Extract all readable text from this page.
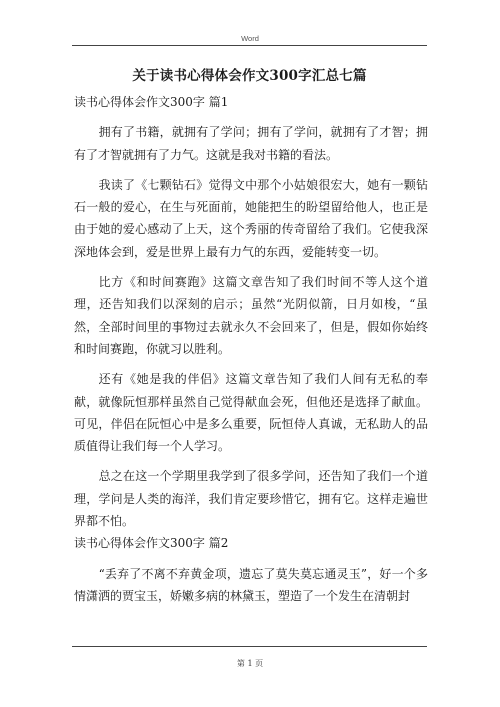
Word
关于读书心得体会作文300字汇总七篇
读书心得体会作文300字 篇1

拥有了书籍，就拥有了学问；拥有了学问，就拥有了才智；拥有了才智就拥有了力气。这就是我对书籍的看法。

我读了《七颗钻石》觉得文中那个小姑娘很宏大，她有一颗钻石一般的爱心，在生与死面前，她能把生的盼望留给他人，也正是由于她的爱心感动了上天，这个秀丽的传奇留给了我们。它使我深深地体会到，爱是世界上最有力气的东西，爱能转变一切。

比方《和时间赛跑》这篇文章告知了我们时间不等人这个道理，还告知我们以深刻的启示；虽然“光阴似箭，日月如梭，“虽然，全部时间里的事物过去就永久不会回来了，但是，假如你始终和时间赛跑，你就习以胜利。

还有《她是我的伴侣》这篇文章告知了我们人间有无私的奉献，就像阮恒那样虽然自己觉得献血会死，但他还是选择了献血。可见，伴侣在阮恒心中是多么重要，阮恒侍人真诚，无私助人的品质值得让我们每一个人学习。

总之在这一个学期里我学到了很多学问，还告知了我们一个道理，学问是人类的海洋，我们肯定要珍惜它，拥有它。这样走遍世界都不怕。

读书心得体会作文300字 篇2

“丢弃了不离不弃黄金项，遗忘了莫失莫忘通灵玉”，好一个多情潇洒的贾宝玉，娇嫩多病的林黛玉，塑造了一个发生在清朝封

第 1 页
